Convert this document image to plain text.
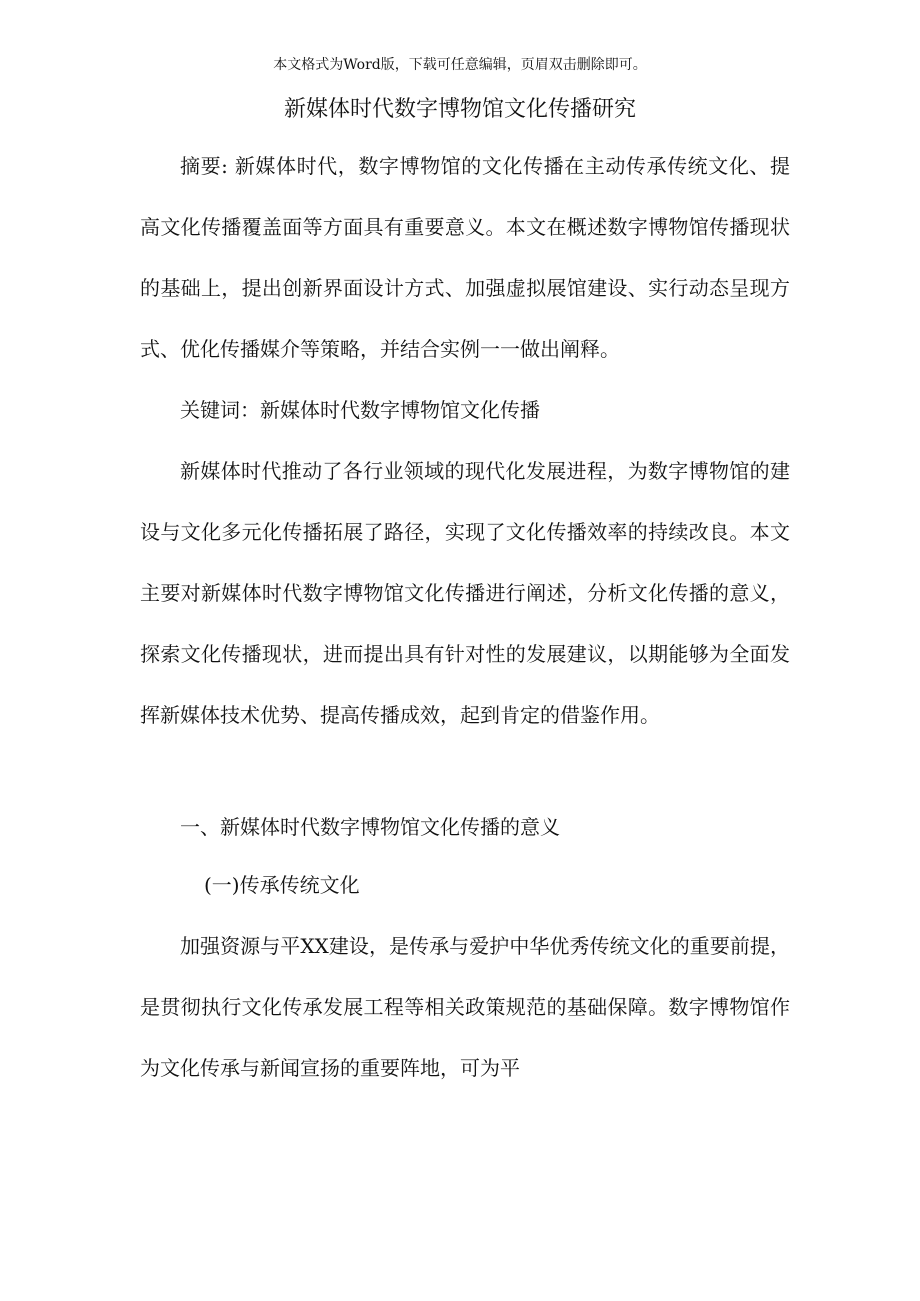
本文格式为Word版，下载可任意编辑，页眉双击删除即可。
新媒体时代数字博物馆文化传播研究
摘要: 新媒体时代，数字博物馆的文化传播在主动传承传统文化、提高文化传播覆盖面等方面具有重要意义。本文在概述数字博物馆传播现状的基础上，提出创新界面设计方式、加强虚拟展馆建设、实行动态呈现方式、优化传播媒介等策略，并结合实例一一做出阐释。
关键词：新媒体时代数字博物馆文化传播
新媒体时代推动了各行业领域的现代化发展进程，为数字博物馆的建设与文化多元化传播拓展了路径，实现了文化传播效率的持续改良。本文主要对新媒体时代数字博物馆文化传播进行阐述，分析文化传播的意义，探索文化传播现状，进而提出具有针对性的发展建议，以期能够为全面发挥新媒体技术优势、提高传播成效，起到肯定的借鉴作用。
一、新媒体时代数字博物馆文化传播的意义
(一)传承传统文化
加强资源与平XX建设，是传承与爱护中华优秀传统文化的重要前提，是贯彻执行文化传承发展工程等相关政策规范的基础保障。数字博物馆作为文化传承与新闻宣扬的重要阵地，可为平
